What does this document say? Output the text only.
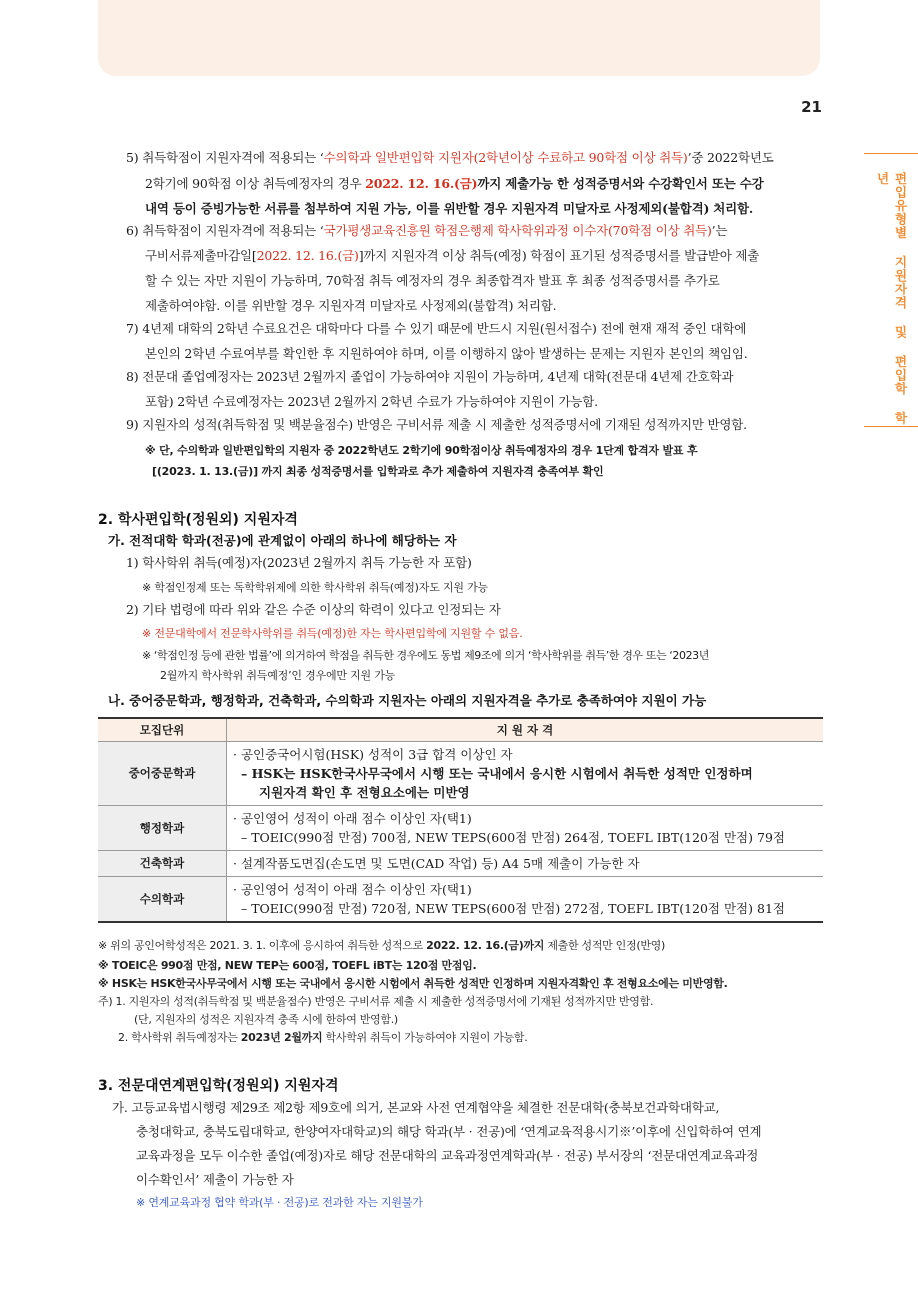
21
편입유형별 지원자격 및 편입학 학년
5) 취득학점이 지원자격에 적용되는 ‘수의학과 일반편입학 지원자(2학년이상 수료하고 90학점 이상 취득)’중 2022학년도
2학기에 90학점 이상 취득예정자의 경우 2022. 12. 16.(금)까지 제출가능 한 성적증명서와 수강확인서 또는 수강
내역 등이 증빙가능한 서류를 첨부하여 지원 가능, 이를 위반할 경우 지원자격 미달자로 사정제외(불합격) 처리함.
6) 취득학점이 지원자격에 적용되는 ‘국가평생교육진흥원 학점은행제 학사학위과정 이수자(70학점 이상 취득)’는
구비서류제출마감일[2022. 12. 16.(금)]까지 지원자격 이상 취득(예정) 학점이 표기된 성적증명서를 발급받아 제출
할 수 있는 자만 지원이 가능하며, 70학점 취득 예정자의 경우 최종합격자 발표 후 최종 성적증명서를 추가로
제출하여야함. 이를 위반할 경우 지원자격 미달자로 사정제외(불합격) 처리함.
7) 4년제 대학의 2학년 수료요건은 대학마다 다를 수 있기 때문에 반드시 지원(원서접수) 전에 현재 재적 중인 대학에
본인의 2학년 수료여부를 확인한 후 지원하여야 하며, 이를 이행하지 않아 발생하는 문제는 지원자 본인의 책임임.
8) 전문대 졸업예정자는 2023년 2월까지 졸업이 가능하여야 지원이 가능하며, 4년제 대학(전문대 4년제 간호학과
포함) 2학년 수료예정자는 2023년 2월까지 2학년 수료가 가능하여야 지원이 가능함.
9) 지원자의 성적(취득학점 및 백분율점수) 반영은 구비서류 제출 시 제출한 성적증명서에 기재된 성적까지만 반영함.
※ 단, 수의학과 일반편입학의 지원자 중 2022학년도 2학기에 90학점이상 취득예정자의 경우 1단계 합격자 발표 후
[(2023. 1. 13.(금)] 까지 최종 성적증명서를 입학과로 추가 제출하여 지원자격 충족여부 확인
2. 학사편입학(정원외) 지원자격
가. 전적대학 학과(전공)에 관계없이 아래의 하나에 해당하는 자
1) 학사학위 취득(예정)자(2023년 2월까지 취득 가능한 자 포함)
※ 학점인정제 또는 독학학위제에 의한 학사학위 취득(예정)자도 지원 가능
2) 기타 법령에 따라 위와 같은 수준 이상의 학력이 있다고 인정되는 자
※ 전문대학에서 전문학사학위를 취득(예정)한 자는 학사편입학에 지원할 수 없음.
※ ‘학점인정 등에 관한 법률’에 의거하여 학점을 취득한 경우에도 동법 제9조에 의거 ‘학사학위를 취득’한 경우 또는 ‘2023년
2월까지 학사학위 취득예정’인 경우에만 지원 가능
나. 중어중문학과, 행정학과, 건축학과, 수의학과 지원자는 아래의 지원자격을 추가로 충족하여야 지원이 가능
모집단위	지 원 자 격
중어중문학과	· 공인중국어시험(HSK) 성적이 3급 합격 이상인 자
– HSK는 HSK한국사무국에서 시행 또는 국내에서 응시한 시험에서 취득한 성적만 인정하며
지원자격 확인 후 전형요소에는 미반영

행정학과	· 공인영어 성적이 아래 점수 이상인 자(택1)
– TOEIC(990점 만점) 700점, NEW TEPS(600점 만점) 264점, TOEFL IBT(120점 만점) 79점

건축학과	· 설계작품도면집(손도면 및 도면(CAD 작업) 등) A4 5매 제출이 가능한 자

수의학과	· 공인영어 성적이 아래 점수 이상인 자(택1)
– TOEIC(990점 만점) 720점, NEW TEPS(600점 만점) 272점, TOEFL IBT(120점 만점) 81점
※ 위의 공인어학성적은 2021. 3. 1. 이후에 응시하여 취득한 성적으로 2022. 12. 16.(금)까지 제출한 성적만 인정(반영)
※ TOEIC은 990점 만점, NEW TEP는 600점, TOEFL iBT는 120점 만점임.
※ HSK는 HSK한국사무국에서 시행 또는 국내에서 응시한 시험에서 취득한 성적만 인정하며 지원자격확인 후 전형요소에는 미반영함.
주) 1. 지원자의 성적(취득학점 및 백분율점수) 반영은 구비서류 제출 시 제출한 성적증명서에 기재된 성적까지만 반영함.
(단, 지원자의 성적은 지원자격 충족 시에 한하여 반영함.)
2. 학사학위 취득예정자는 2023년 2월까지 학사학위 취득이 가능하여야 지원이 가능함.
3. 전문대연계편입학(정원외) 지원자격
가. 고등교육법시행령 제29조 제2항 제9호에 의거, 본교와 사전 연계협약을 체결한 전문대학(충북보건과학대학교,
충청대학교, 충북도립대학교, 한양여자대학교)의 해당 학과(부 · 전공)에 ‘연계교육적용시기※’이후에 신입학하여 연계
교육과정을 모두 이수한 졸업(예정)자로 해당 전문대학의 교육과정연계학과(부 · 전공) 부서장의 ‘전문대연계교육과정
이수확인서’ 제출이 가능한 자
※ 연계교육과정 협약 학과(부 · 전공)로 전과한 자는 지원불가
